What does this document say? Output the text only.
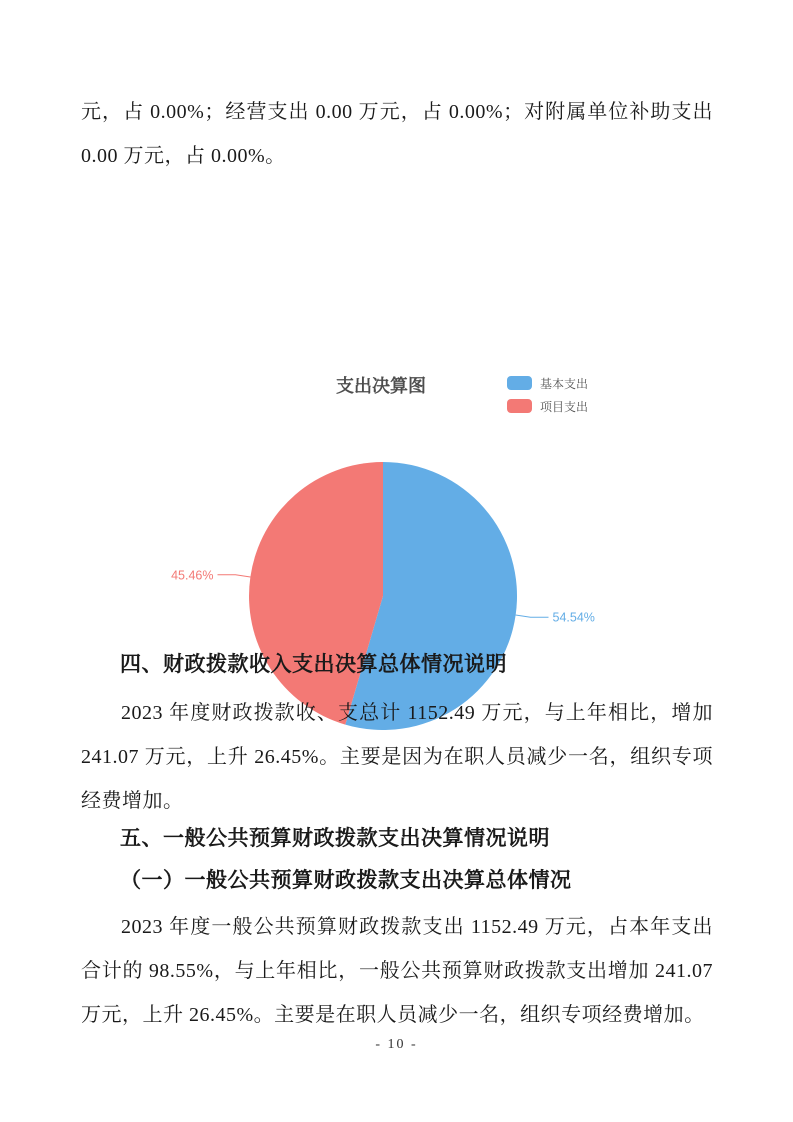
元，占 0.00%；经营支出 0.00 万元，占 0.00%；对附属单位补助支出 0.00 万元，占 0.00%。
支出决算图	基本支出
项目支出
54.54%
45.46%
四、财政拨款收入支出决算总体情况说明
2023 年度财政拨款收、支总计 1152.49 万元，与上年相比，增加 241.07 万元，上升 26.45%。主要是因为在职人员减少一名，组织专项经费增加。
五、一般公共预算财政拨款支出决算情况说明
（一）一般公共预算财政拨款支出决算总体情况
2023 年度一般公共预算财政拨款支出 1152.49 万元，占本年支出合计的 98.55%，与上年相比，一般公共预算财政拨款支出增加 241.07 万元，上升 26.45%。主要是在职人员减少一名，组织专项经费增加。
- 10 -
